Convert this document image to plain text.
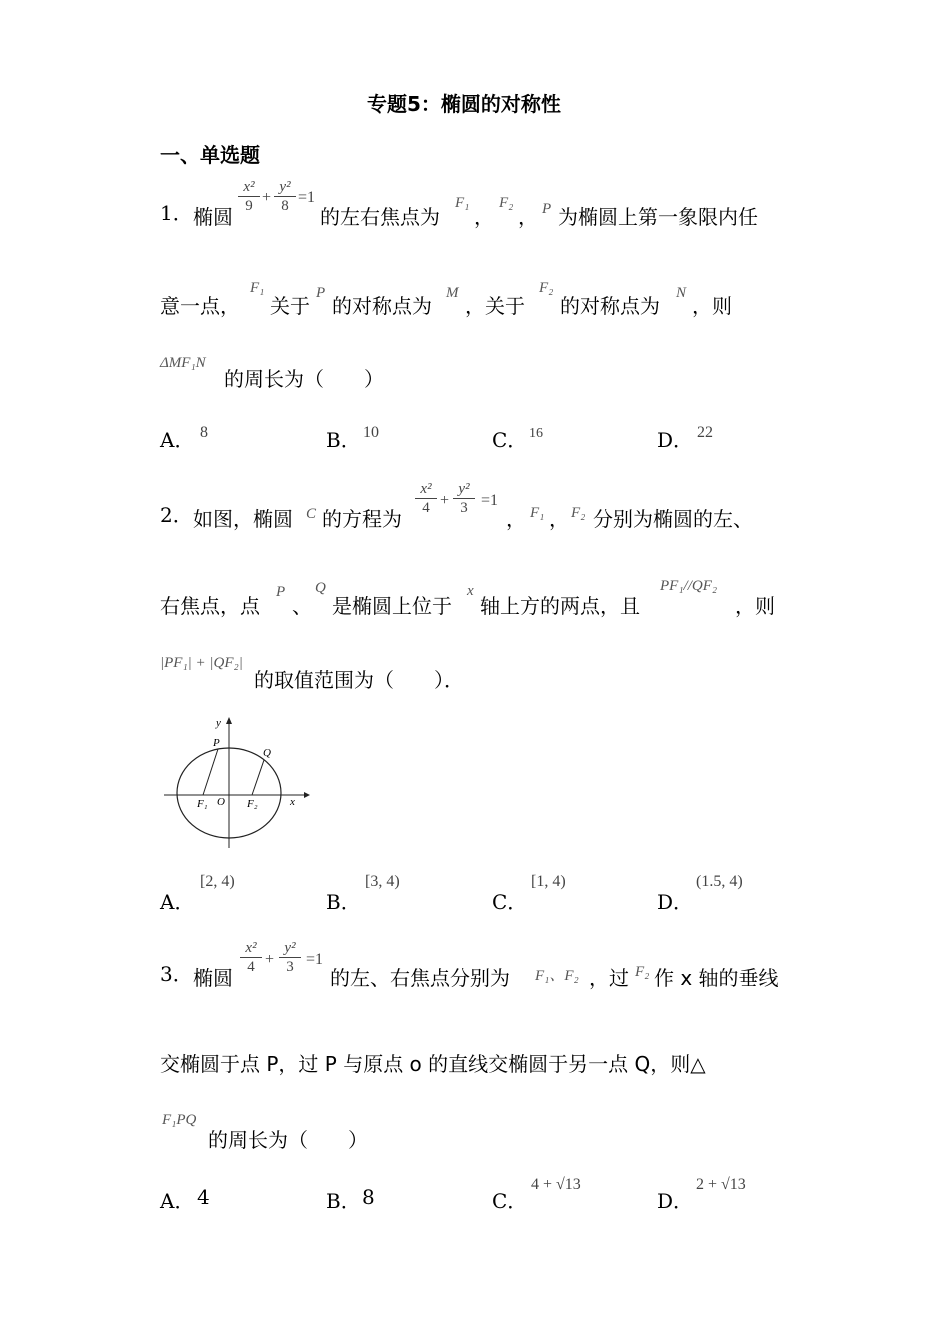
专题5：椭圆的对称性
一、单选题
1． 椭圆
$\frac{\text{x²}}{9} + \frac{\text{y²}}{8} =1$
的左右焦点为
F₁
，
F₂
， P 为椭圆上第一象限内任
意一点，
F₁
关于
P
的对称点为
M
，关于
F₂
的对称点为
N
，则
ΔMF₁N
的周长为（　　）
A． 8	B． 10	C． 16	D． 22
2． 如图，椭圆 C 的方程为
$\frac{\text{x²}}{4} + \frac{\text{y²}}{3} =1$
， F₁ ， F₂ 分别为椭圆的左、
右焦点，点
P
、
Q
是椭圆上位于
x
轴上方的两点，且
PF₁//QF₂
，则
|PF₁| + |QF₂|
的取值范围为（　　）．
y
P
Q
F₁ O F₂	x
A．
[2, 4)
B．
[3, 4)
C．
[1, 4)
D．
(1.5, 4)
3． 椭圆
$\frac{\text{x²}}{4} + \frac{\text{y²}}{3} =1$
的左、右焦点分别为 F₁、F₂ ，过 F₂ 作 x 轴的垂线
交椭圆于点 P，过 P 与原点 o 的直线交椭圆于另一点 Q，则△
F₁PQ
的周长为（　　）
A． 4	B． 8	C．
4 + √13
D．
2 + √13
